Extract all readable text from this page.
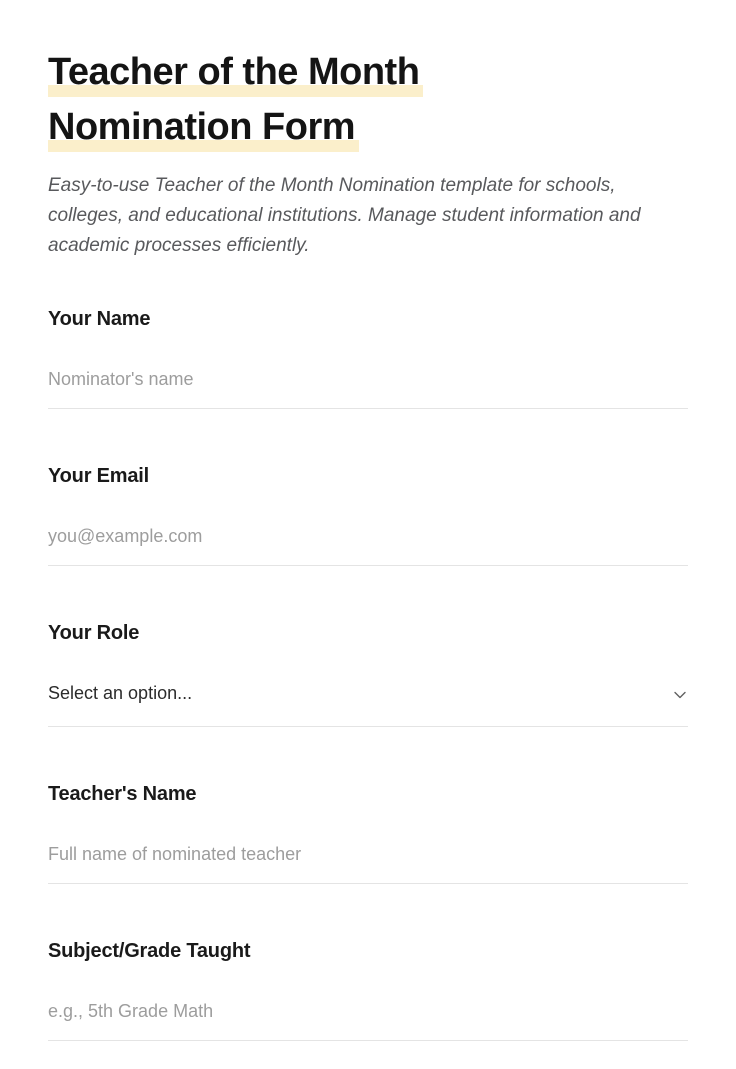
Teacher of the Month
Nomination Form

Easy-to-use Teacher of the Month Nomination template for schools, colleges, and educational institutions. Manage student information and academic processes efficiently.

Your Name
Nominator's name
Your Email
you@example.com
Your Role
Select an option...
Teacher's Name
Full name of nominated teacher
Subject/Grade Taught
e.g., 5th Grade Math
